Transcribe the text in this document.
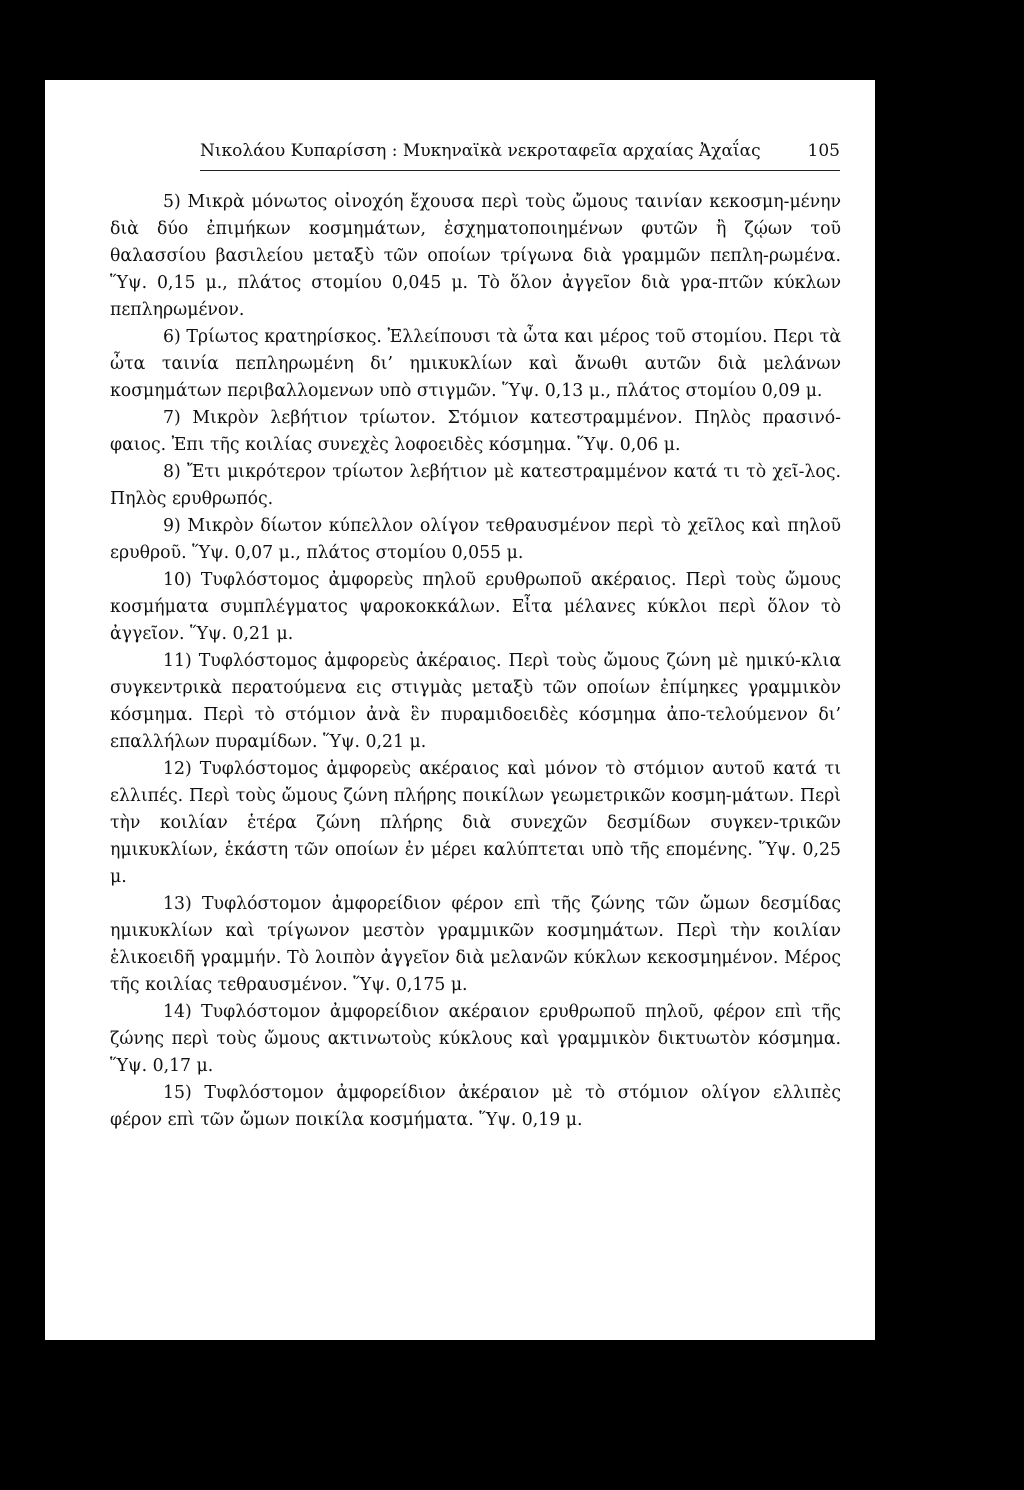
Νικολάου Κυπαρίσση : Μυκηναϊκὰ νεκροταφεῖα αρχαίας Ἀχαΐας	105

5) Μικρὰ μόνωτος οἰνοχόη ἔχουσα περὶ τοὺς ὤμους ταινίαν κεκοσμη-μένην διὰ δύο ἐπιμήκων κοσμημάτων, ἐσχηματοποιημένων φυτῶν ἢ ζῴων τοῦ θαλασσίου βασιλείου μεταξὺ τῶν οποίων τρίγωνα διὰ γραμμῶν πεπλη-ρωμένα. Ὕψ. 0,15 μ., πλάτος στομίου 0,045 μ. Τὸ ὅλον ἀγγεῖον διὰ γρα-πτῶν κύκλων πεπληρωμένον.

6) Τρίωτος κρατηρίσκος. Ἐλλείπουσι τὰ ὦτα και μέρος τοῦ στομίου. Περι τὰ ὦτα ταινία πεπληρωμένη δι’ ημικυκλίων καὶ ἄνωθι αυτῶν διὰ μελάνων κοσμημάτων περιβαλλομενων υπὸ στιγμῶν. Ὕψ. 0,13 μ., πλάτος στομίου 0,09 μ.

7) Μικρὸν λεβήτιον τρίωτον. Στόμιον κατεστραμμένον. Πηλὸς πρασινό-φαιος. Ἐπι τῆς κοιλίας συνεχὲς λοφοειδὲς κόσμημα. Ὕψ. 0,06 μ.

8) Ἔτι μικρότερον τρίωτον λεβήτιον μὲ κατεστραμμένον κατά τι τὸ χεῖ-λος. Πηλὸς ερυθρωπός.

9) Μικρὸν δίωτον κύπελλον ολίγον τεθραυσμένον περὶ τὸ χεῖλος καὶ πηλοῦ ερυθροῦ. Ὕψ. 0,07 μ., πλάτος στομίου 0,055 μ.

10) Τυφλόστομος ἀμφορεὺς πηλοῦ ερυθρωποῦ ακέραιος. Περὶ τοὺς ὤμους κοσμήματα συμπλέγματος ψαροκοκκάλων. Εἶτα μέλανες κύκλοι περὶ ὅλον τὸ ἀγγεῖον. Ὕψ. 0,21 μ.

11) Τυφλόστομος ἀμφορεὺς ἀκέραιος. Περὶ τοὺς ὤμους ζώνη μὲ ημικύ-κλια συγκεντρικὰ περατούμενα εις στιγμὰς μεταξὺ τῶν οποίων ἐπίμηκες γραμμικὸν κόσμημα. Περὶ τὸ στόμιον ἀνὰ ἓν πυραμιδοειδὲς κόσμημα ἀπο-τελούμενον δι’ επαλλήλων πυραμίδων. Ὕψ. 0,21 μ.

12) Τυφλόστομος ἀμφορεὺς ακέραιος καὶ μόνον τὸ στόμιον αυτοῦ κατά τι ελλιπές. Περὶ τοὺς ὤμους ζώνη πλήρης ποικίλων γεωμετρικῶν κοσμη-μάτων. Περὶ τὴν κοιλίαν ἑτέρα ζώνη πλήρης διὰ συνεχῶν δεσμίδων συγκεν-τρικῶν ημικυκλίων, ἑκάστη τῶν οποίων ἐν μέρει καλύπτεται υπὸ τῆς επομένης. Ὕψ. 0,25 μ.

13) Τυφλόστομον ἀμφορείδιον φέρον επὶ τῆς ζώνης τῶν ὤμων δεσμίδας ημικυκλίων καὶ τρίγωνον μεστὸν γραμμικῶν κοσμημάτων. Περὶ τὴν κοιλίαν ἑλικοειδῆ γραμμήν. Τὸ λοιπὸν ἀγγεῖον διὰ μελανῶν κύκλων κεκοσμημένον. Μέρος τῆς κοιλίας τεθραυσμένον. Ὕψ. 0,175 μ.

14) Τυφλόστομον ἀμφορείδιον ακέραιον ερυθρωποῦ πηλοῦ, φέρον επὶ τῆς ζώνης περὶ τοὺς ὤμους ακτινωτοὺς κύκλους καὶ γραμμικὸν δικτυωτὸν κόσμημα. Ὕψ. 0,17 μ.

15) Τυφλόστομον ἀμφορείδιον ἀκέραιον μὲ τὸ στόμιον ολίγον ελλιπὲς φέρον επὶ τῶν ὤμων ποικίλα κοσμήματα. Ὕψ. 0,19 μ.
